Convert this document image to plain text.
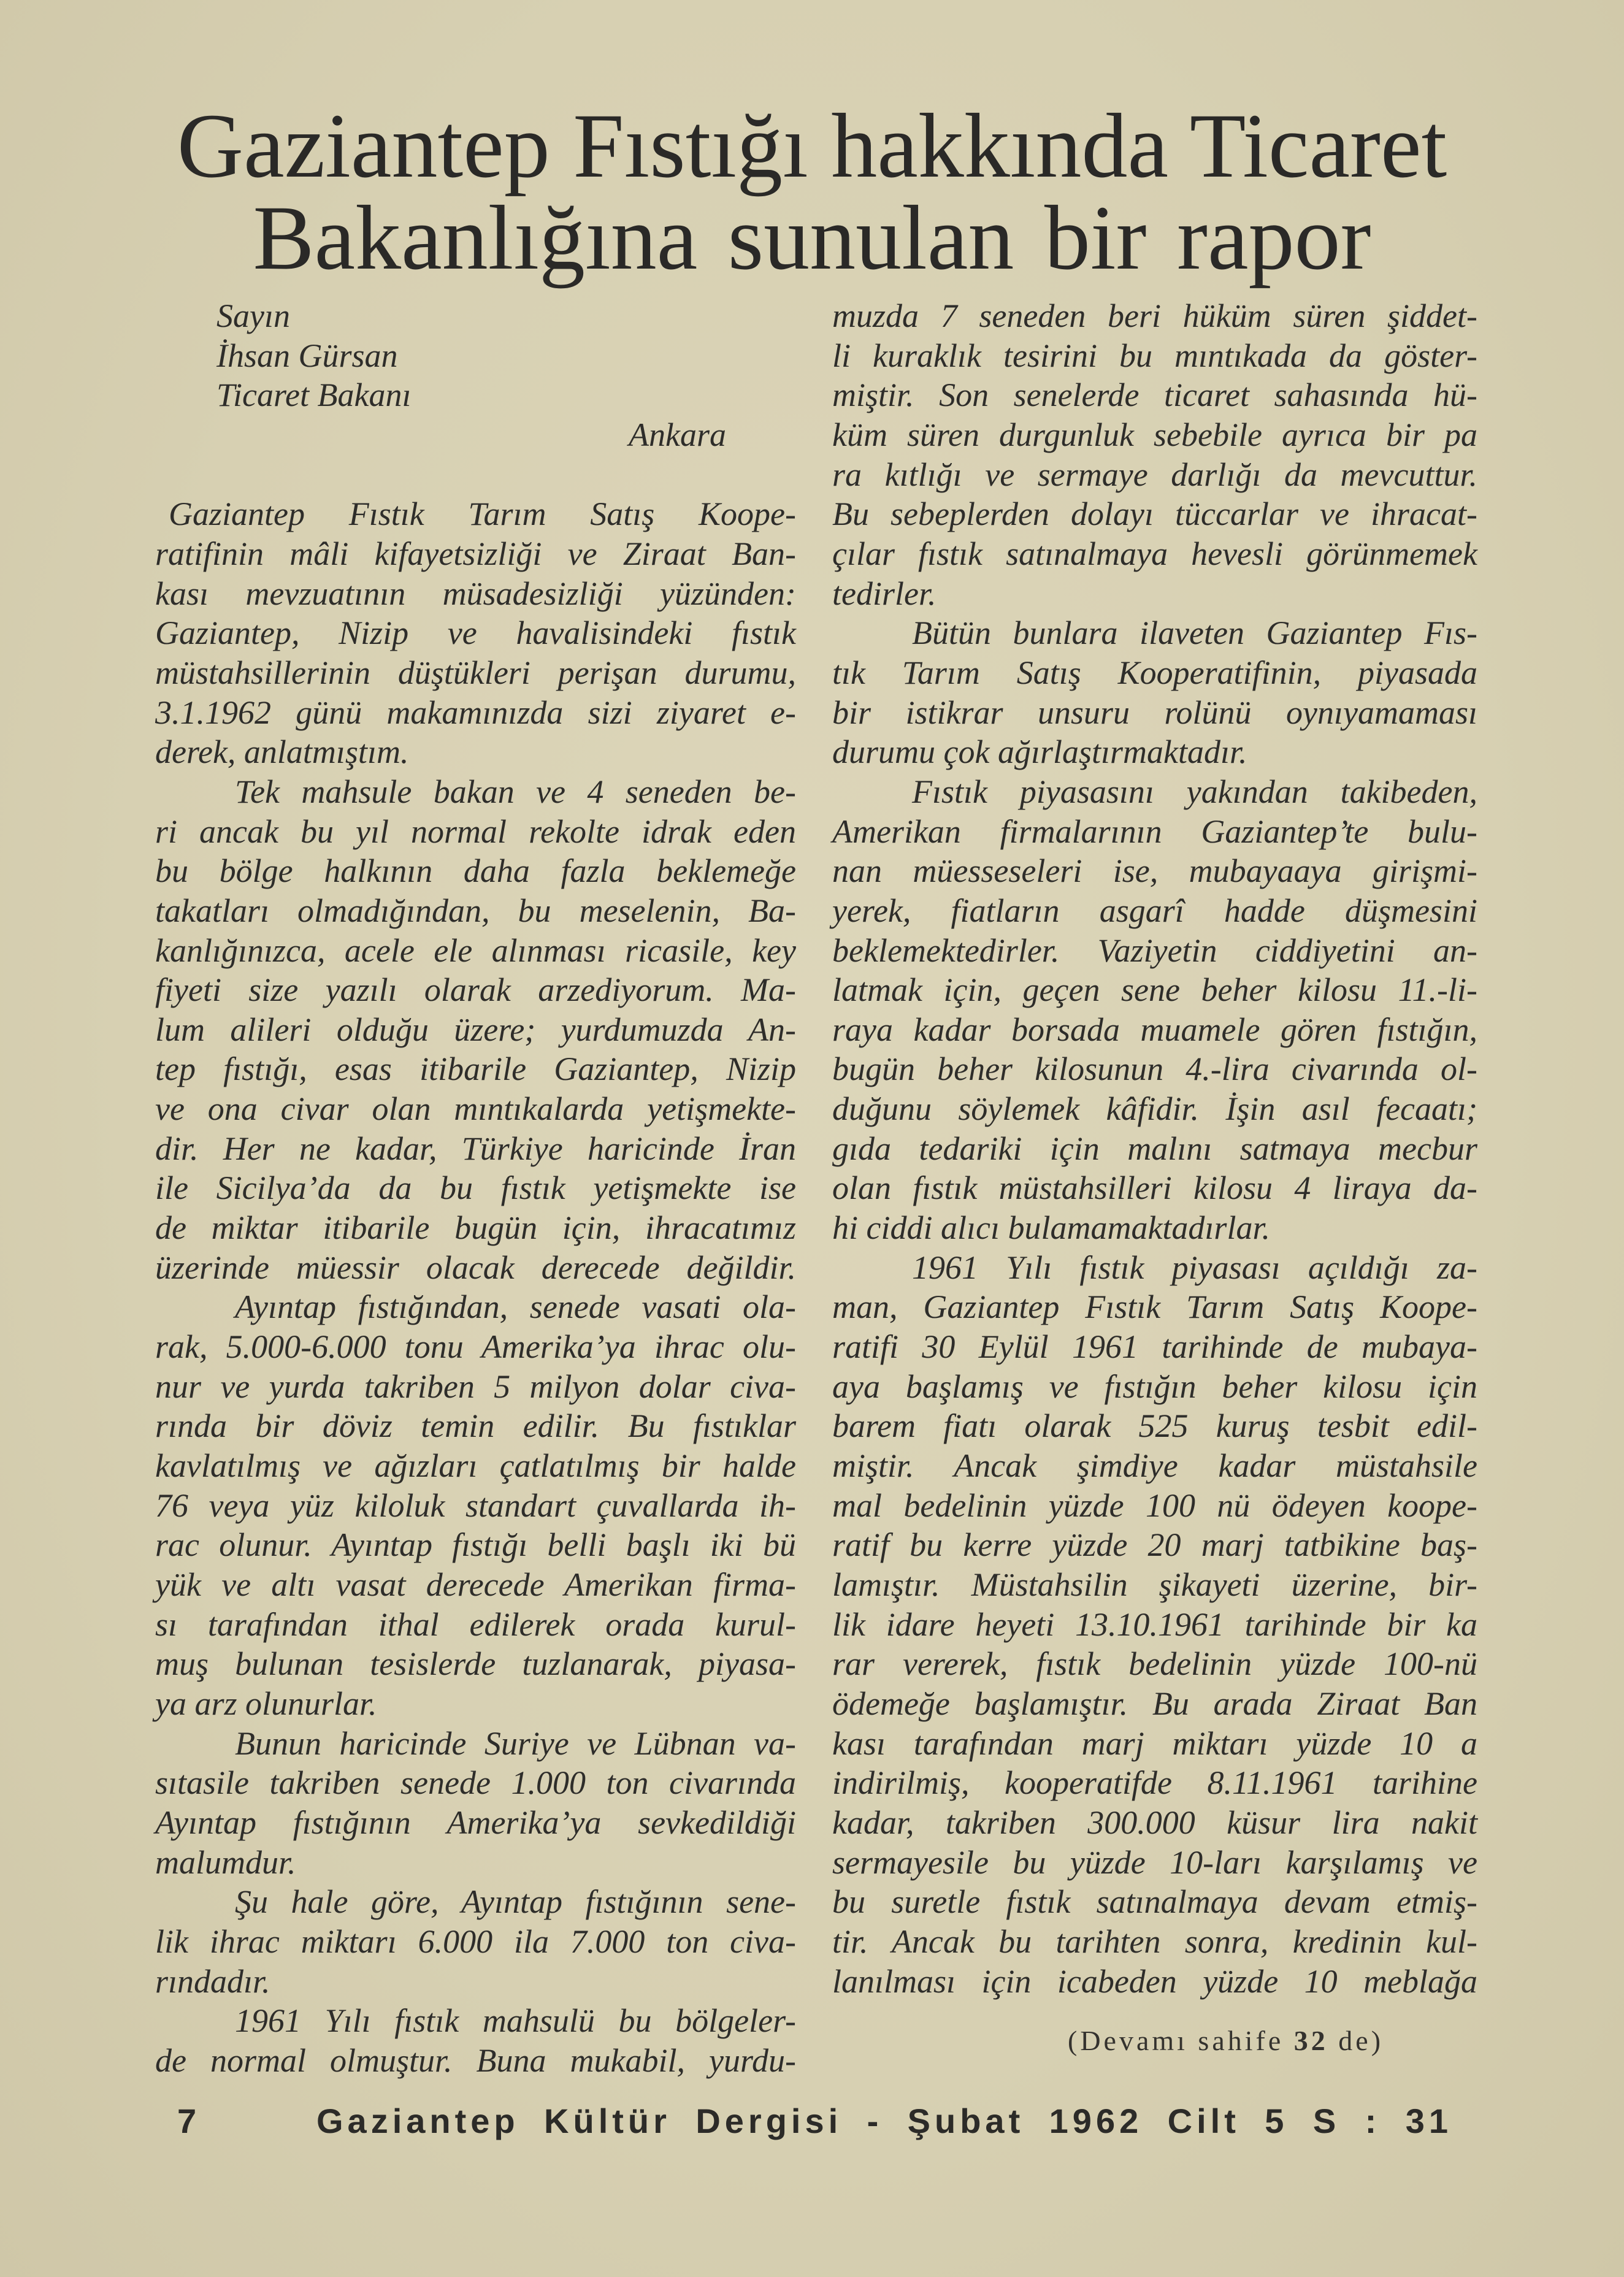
Gaziantep Fıstığı hakkında Ticaret
Bakanlığına sunulan bir rapor
Sayın
İhsan Gürsan
Ticaret Bakanı
Ankara
Gaziantep Fıstık Tarım Satış Koope-
ratifinin mâli kifayetsizliği ve Ziraat Ban-
kası mevzuatının müsadesizliği yüzünden:
Gaziantep, Nizip ve havalisindeki fıstık
müstahsillerinin düştükleri perişan durumu,
3.1.1962 günü makamınızda sizi ziyaret e-
derek, anlatmıştım.
Tek mahsule bakan ve 4 seneden be-
ri ancak bu yıl normal rekolte idrak eden
bu bölge halkının daha fazla beklemeğe
takatları olmadığından, bu meselenin, Ba-
kanlığınızca, acele ele alınması ricasile, key
fiyeti size yazılı olarak arzediyorum. Ma-
lum alileri olduğu üzere; yurdumuzda An-
tep fıstığı, esas itibarile Gaziantep, Nizip
ve ona civar olan mıntıkalarda yetişmekte-
dir. Her ne kadar, Türkiye haricinde İran
ile Sicilya’da da bu fıstık yetişmekte ise
de miktar itibarile bugün için, ihracatımız
üzerinde müessir olacak derecede değildir.
Ayıntap fıstığından, senede vasati ola-
rak, 5.000-6.000 tonu Amerika’ya ihrac olu-
nur ve yurda takriben 5 milyon dolar civa-
rında bir döviz temin edilir. Bu fıstıklar
kavlatılmış ve ağızları çatlatılmış bir halde
76 veya yüz kiloluk standart çuvallarda ih-
rac olunur. Ayıntap fıstığı belli başlı iki bü
yük ve altı vasat derecede Amerikan firma-
sı tarafından ithal edilerek orada kurul-
muş bulunan tesislerde tuzlanarak, piyasa-
ya arz olunurlar.
Bunun haricinde Suriye ve Lübnan va-
sıtasile takriben senede 1.000 ton civarında
Ayıntap fıstığının Amerika’ya sevkedildiği
malumdur.
Şu hale göre, Ayıntap fıstığının sene-
lik ihrac miktarı 6.000 ila 7.000 ton civa-
rındadır.
1961 Yılı fıstık mahsulü bu bölgeler-
de normal olmuştur. Buna mukabil, yurdu-
muzda 7 seneden beri hüküm süren şiddet-
li kuraklık tesirini bu mıntıkada da göster-
miştir. Son senelerde ticaret sahasında hü-
küm süren durgunluk sebebile ayrıca bir pa
ra kıtlığı ve sermaye darlığı da mevcuttur.
Bu sebeplerden dolayı tüccarlar ve ihracat-
çılar fıstık satınalmaya hevesli görünmemek
tedirler.
Bütün bunlara ilaveten Gaziantep Fıs-
tık Tarım Satış Kooperatifinin, piyasada
bir istikrar unsuru rolünü oynıyamaması
durumu çok ağırlaştırmaktadır.
Fıstık piyasasını yakından takibeden,
Amerikan firmalarının Gaziantep’te bulu-
nan müesseseleri ise, mubayaaya girişmi-
yerek, fiatların asgarî hadde düşmesini
beklemektedirler. Vaziyetin ciddiyetini an-
latmak için, geçen sene beher kilosu 11.-li-
raya kadar borsada muamele gören fıstığın,
bugün beher kilosunun 4.-lira civarında ol-
duğunu söylemek kâfidir. İşin asıl fecaatı;
gıda tedariki için malını satmaya mecbur
olan fıstık müstahsilleri kilosu 4 liraya da-
hi ciddi alıcı bulamamaktadırlar.
1961 Yılı fıstık piyasası açıldığı za-
man, Gaziantep Fıstık Tarım Satış Koope-
ratifi 30 Eylül 1961 tarihinde de mubaya-
aya başlamış ve fıstığın beher kilosu için
barem fiatı olarak 525 kuruş tesbit edil-
miştir. Ancak şimdiye kadar müstahsile
mal bedelinin yüzde 100 nü ödeyen koope-
ratif bu kerre yüzde 20 marj tatbikine baş-
lamıştır. Müstahsilin şikayeti üzerine, bir-
lik idare heyeti 13.10.1961 tarihinde bir ka
rar vererek, fıstık bedelinin yüzde 100-nü
ödemeğe başlamıştır. Bu arada Ziraat Ban
kası tarafından marj miktarı yüzde 10 a
indirilmiş, kooperatifde 8.11.1961 tarihine
kadar, takriben 300.000 küsur lira nakit
sermayesile bu yüzde 10-ları karşılamış ve
bu suretle fıstık satınalmaya devam etmiş-
tir. Ancak bu tarihten sonra, kredinin kul-
lanılması için icabeden yüzde 10 meblağa
(Devamı sahife 32 de)
7	Gaziantep Kültür Dergisi - Şubat 1962 Cilt 5 S : 31
